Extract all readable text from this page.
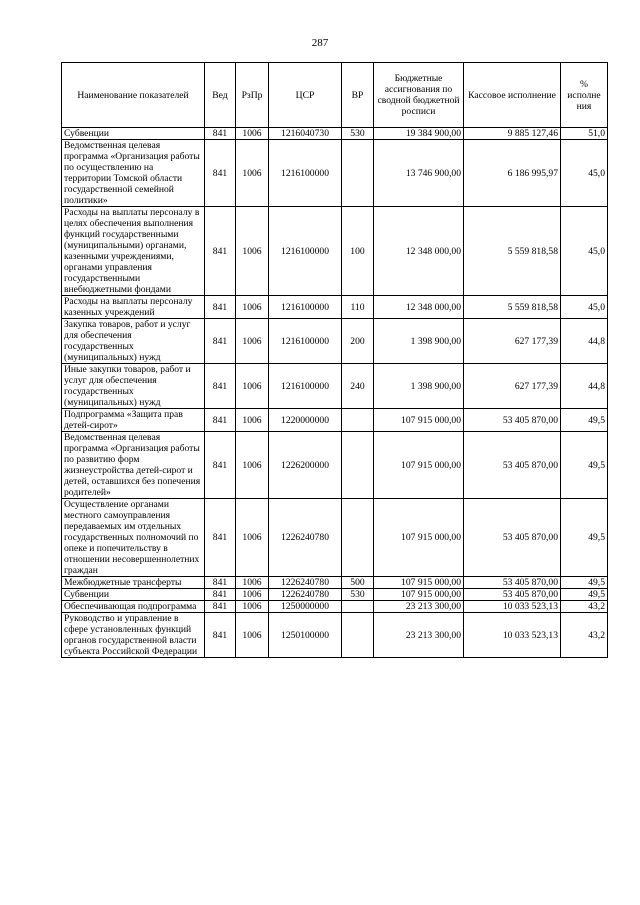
287
Наименование показателей	Вед	РзПр	ЦСР	ВР	Бюджетные ассигнования по сводной бюджетной росписи	Кассовое исполнение	% исполне ния
Субвенции	841	1006	1216040730	530	19 384 900,00	9 885 127,46	51,0
Ведомственная целевая программа «Организация работы по осуществлению на территории Томской области государственной семейной политики»	841	1006	1216100000		13 746 900,00	6 186 995,97	45,0
Расходы на выплаты персоналу в целях обеспечения выполнения функций государственными (муниципальными) органами, казенными учреждениями, органами управления государственными внебюджетными фондами	841	1006	1216100000	100	12 348 000,00	5 559 818,58	45,0
Расходы на выплаты персоналу казенных учреждений	841	1006	1216100000	110	12 348 000,00	5 559 818,58	45,0
Закупка товаров, работ и услуг для обеспечения государственных (муниципальных) нужд	841	1006	1216100000	200	1 398 900,00	627 177,39	44,8
Иные закупки товаров, работ и услуг для обеспечения государственных (муниципальных) нужд	841	1006	1216100000	240	1 398 900,00	627 177,39	44,8
Подпрограмма «Защита прав детей-сирот»	841	1006	1220000000		107 915 000,00	53 405 870,00	49,5
Ведомственная целевая программа «Организация работы по развитию форм жизнеустройства детей-сирот и детей, оставшихся без попечения родителей»	841	1006	1226200000		107 915 000,00	53 405 870,00	49,5
Осуществление органами местного самоуправления передаваемых им отдельных государственных полномочий по опеке и попечительству в отношении несовершеннолетних граждан	841	1006	1226240780		107 915 000,00	53 405 870,00	49,5
Межбюджетные трансферты	841	1006	1226240780	500	107 915 000,00	53 405 870,00	49,5
Субвенции	841	1006	1226240780	530	107 915 000,00	53 405 870,00	49,5
Обеспечивающая подпрограмма	841	1006	1250000000		23 213 300,00	10 033 523,13	43,2
Руководство и управление в сфере установленных функций органов государственной власти субъекта Российской Федерации	841	1006	1250100000		23 213 300,00	10 033 523,13	43,2
